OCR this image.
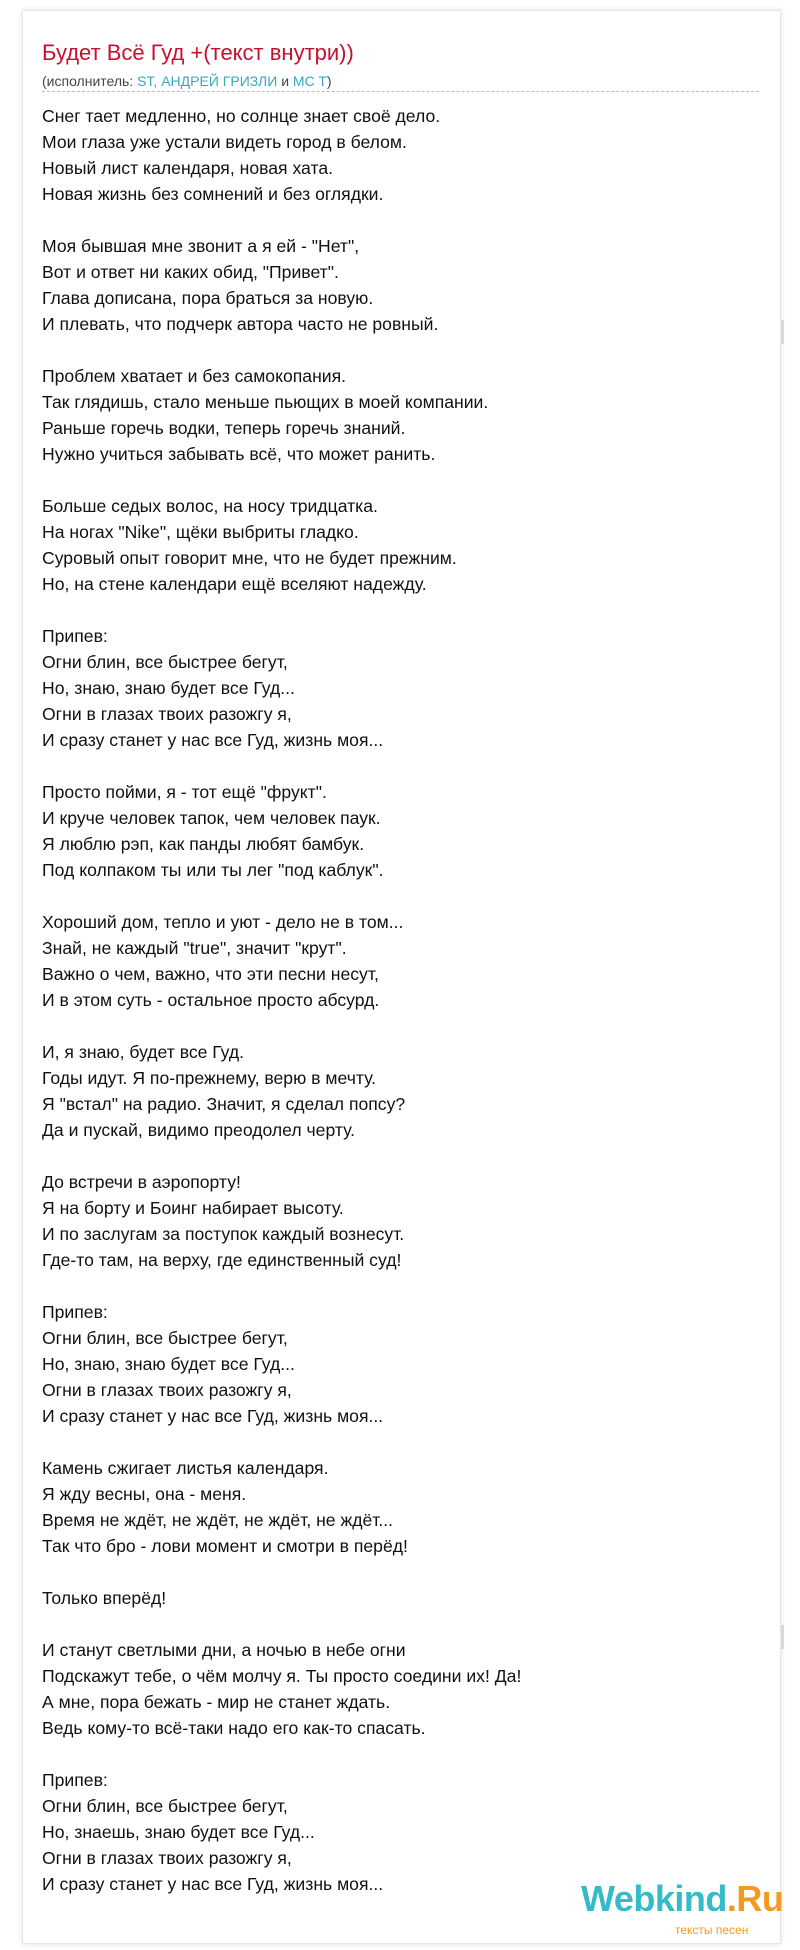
Будет Всё Гуд +(текст внутри))
(исполнитель: ST, АНДРЕЙ ГРИЗЛИ и MC T)
Снег тает медленно, но солнце знает своё дело.
Мои глаза уже устали видеть город в белом.
Новый лист календаря, новая хата.
Новая жизнь без сомнений и без оглядки.
Моя бывшая мне звонит а я ей - "Нет",
Вот и ответ ни каких обид, "Привет".
Глава дописана, пора браться за новую.
И плевать, что подчерк автора часто не ровный.
Проблем хватает и без самокопания.
Так глядишь, стало меньше пьющих в моей компании.
Раньше горечь водки, теперь горечь знаний.
Нужно учиться забывать всё, что может ранить.
Больше седых волос, на носу тридцатка.
На ногах "Nike", щёки выбриты гладко.
Суровый опыт говорит мне, что не будет прежним.
Но, на стене календари ещё вселяют надежду.
Припев:
Огни блин, все быстрее бегут,
Но, знаю, знаю будет все Гуд...
Огни в глазах твоих разожгу я,
И сразу станет у нас все Гуд, жизнь моя...
Просто пойми, я - тот ещё "фрукт".
И круче человек тапок, чем человек паук.
Я люблю рэп, как панды любят бамбук.
Под колпаком ты или ты лег "под каблук".
Хороший дом, тепло и уют - дело не в том...
Знай, не каждый "true", значит "крут".
Важно о чем, важно, что эти песни несут,
И в этом суть - остальное просто абсурд.
И, я знаю, будет все Гуд.
Годы идут. Я по-прежнему, верю в мечту.
Я "встал" на радио. Значит, я сделал попсу?
Да и пускай, видимо преодолел черту.
До встречи в аэропорту!
Я на борту и Боинг набирает высоту.
И по заслугам за поступок каждый вознесут.
Где-то там, на верху, где единственный суд!
Припев:
Огни блин, все быстрее бегут,
Но, знаю, знаю будет все Гуд...
Огни в глазах твоих разожгу я,
И сразу станет у нас все Гуд, жизнь моя...
Камень сжигает листья календаря.
Я жду весны, она - меня.
Время не ждёт, не ждёт, не ждёт, не ждёт...
Так что бро - лови момент и смотри в перёд!
Только вперёд!
И станут светлыми дни, а ночью в небе огни
Подскажут тебе, о чём молчу я. Ты просто соедини их! Да!
А мне, пора бежать - мир не станет ждать.
Ведь кому-то всё-таки надо его как-то спасать.
Припев:
Огни блин, все быстрее бегут,
Но, знаешь, знаю будет все Гуд...
Огни в глазах твоих разожгу я,
И сразу станет у нас все Гуд, жизнь моя...	Webkind.Ru
тексты песен
